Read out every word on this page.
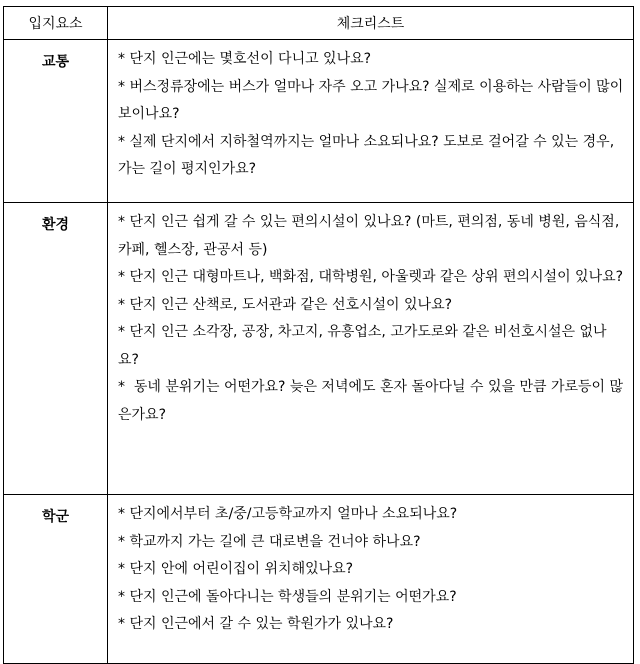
입지요소	체크리스트
교통	* 단지 인근에는 몇호선이 다니고 있나요?
* 버스정류장에는 버스가 얼마나 자주 오고 가나요? 실제로 이용하는 사람들이 많이 보이나요?
* 실제 단지에서 지하철역까지는 얼마나 소요되나요? 도보로 걸어갈 수 있는 경우, 가는 길이 평지인가요?

환경	* 단지 인근 쉽게 갈 수 있는 편의시설이 있나요? (마트, 편의점, 동네 병원, 음식점, 카페, 헬스장, 관공서 등)
* 단지 인근 대형마트나, 백화점, 대학병원, 아울렛과 같은 상위 편의시설이 있나요?
* 단지 인근 산책로, 도서관과 같은 선호시설이 있나요?
* 단지 인근 소각장, 공장, 차고지, 유흥업소, 고가도로와 같은 비선호시설은 없나요?
*  동네 분위기는 어떤가요? 늦은 저녁에도 혼자 돌아다닐 수 있을 만큼 가로등이 많은가요?

학군	* 단지에서부터 초/중/고등학교까지 얼마나 소요되나요?
* 학교까지 가는 길에 큰 대로변을 건너야 하나요?
* 단지 안에 어린이집이 위치해있나요?
* 단지 인근에 돌아다니는 학생들의 분위기는 어떤가요?
* 단지 인근에서 갈 수 있는 학원가가 있나요?
